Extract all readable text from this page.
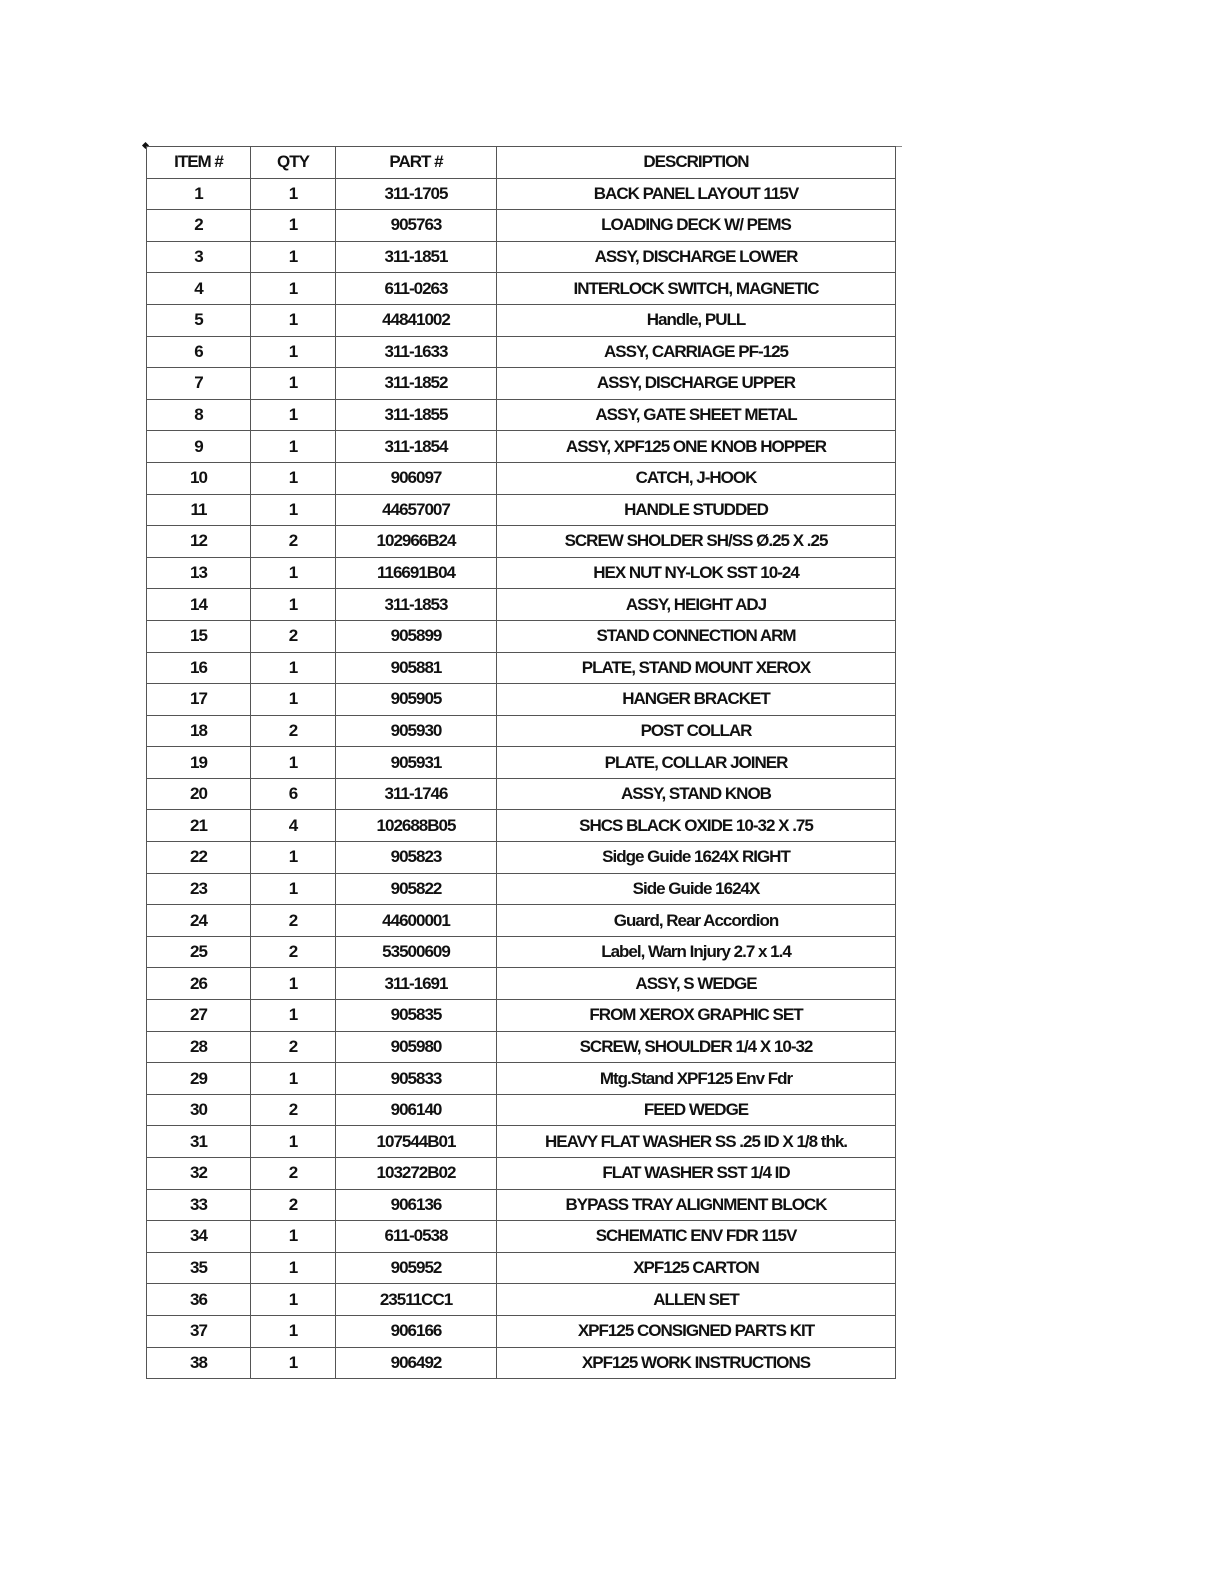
ITEM #	QTY	PART #	DESCRIPTION
1	1	311-1705	BACK PANEL LAYOUT 115V
2	1	905763	LOADING DECK W/ PEMS
3	1	311-1851	ASSY, DISCHARGE LOWER
4	1	611-0263	INTERLOCK SWITCH, MAGNETIC
5	1	44841002	Handle, PULL
6	1	311-1633	ASSY, CARRIAGE PF-125
7	1	311-1852	ASSY, DISCHARGE UPPER
8	1	311-1855	ASSY, GATE SHEET METAL
9	1	311-1854	ASSY, XPF125 ONE KNOB HOPPER
10	1	906097	CATCH, J-HOOK
11	1	44657007	HANDLE STUDDED
12	2	102966B24	SCREW SHOLDER SH/SS Ø.25 X .25
13	1	116691B04	HEX NUT NY-LOK SST 10-24
14	1	311-1853	ASSY, HEIGHT ADJ
15	2	905899	STAND CONNECTION ARM
16	1	905881	PLATE, STAND MOUNT XEROX
17	1	905905	HANGER BRACKET
18	2	905930	POST COLLAR
19	1	905931	PLATE, COLLAR JOINER
20	6	311-1746	ASSY, STAND KNOB
21	4	102688B05	SHCS BLACK OXIDE 10-32 X .75
22	1	905823	Sidge Guide 1624X RIGHT
23	1	905822	Side Guide 1624X
24	2	44600001	Guard, Rear Accordion
25	2	53500609	Label, Warn Injury 2.7 x 1.4
26	1	311-1691	ASSY, S WEDGE
27	1	905835	FROM XEROX GRAPHIC SET
28	2	905980	SCREW, SHOULDER 1/4 X 10-32
29	1	905833	Mtg.Stand XPF125 Env Fdr
30	2	906140	FEED WEDGE
31	1	107544B01	HEAVY FLAT WASHER SS .25 ID X 1/8 thk.
32	2	103272B02	FLAT WASHER SST 1/4 ID
33	2	906136	BYPASS TRAY ALIGNMENT BLOCK
34	1	611-0538	SCHEMATIC ENV FDR 115V
35	1	905952	XPF125 CARTON
36	1	23511CC1	ALLEN SET
37	1	906166	XPF125 CONSIGNED PARTS KIT
38	1	906492	XPF125 WORK INSTRUCTIONS
